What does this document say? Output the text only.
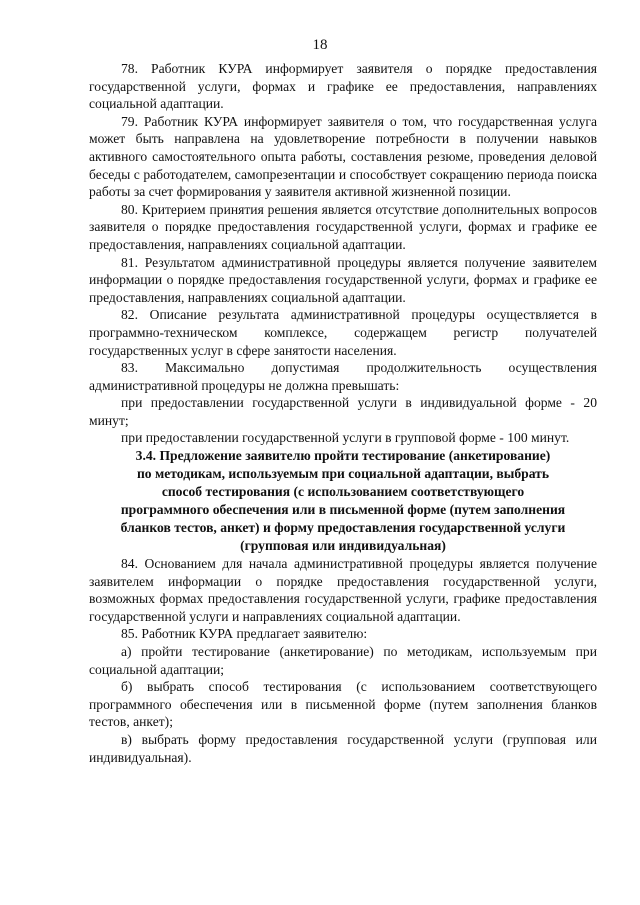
18

78. Работник КУРА информирует заявителя о порядке предоставления государственной услуги, формах и графике ее предоставления, направлениях социальной адаптации.

79. Работник КУРА информирует заявителя о том, что государственная услуга может быть направлена на удовлетворение потребности в получении навыков активного самостоятельного опыта работы, составления резюме, проведения деловой беседы с работодателем, самопрезентации и способствует сокращению периода поиска работы за счет формирования у заявителя активной жизненной позиции.

80. Критерием принятия решения является отсутствие дополнительных вопросов заявителя о порядке предоставления государственной услуги, формах и графике ее предоставления, направлениях социальной адаптации.

81. Результатом административной процедуры является получение заявителем информации о порядке предоставления государственной услуги, формах и графике ее предоставления, направлениях социальной адаптации.

82. Описание результата административной процедуры осуществляется в программно-техническом комплексе, содержащем регистр получателей государственных услуг в сфере занятости населения.

83. Максимально допустимая продолжительность осуществления административной процедуры не должна превышать:

при предоставлении государственной услуги в индивидуальной форме - 20 минут;

при предоставлении государственной услуги в групповой форме - 100 минут.

3.4. Предложение заявителю пройти тестирование (анкетирование)
по методикам, используемым при социальной адаптации, выбрать
способ тестирования (с использованием соответствующего
программного обеспечения или в письменной форме (путем заполнения
бланков тестов, анкет) и форму предоставления государственной услуги
(групповая или индивидуальная)

84. Основанием для начала административной процедуры является получение заявителем информации о порядке предоставления государственной услуги, возможных формах предоставления государственной услуги, графике предоставления государственной услуги и направлениях социальной адаптации.

85. Работник КУРА предлагает заявителю:

а) пройти тестирование (анкетирование) по методикам, используемым при социальной адаптации;

б) выбрать способ тестирования (с использованием соответствующего программного обеспечения или в письменной форме (путем заполнения бланков тестов, анкет);

в) выбрать форму предоставления государственной услуги (групповая или индивидуальная).
